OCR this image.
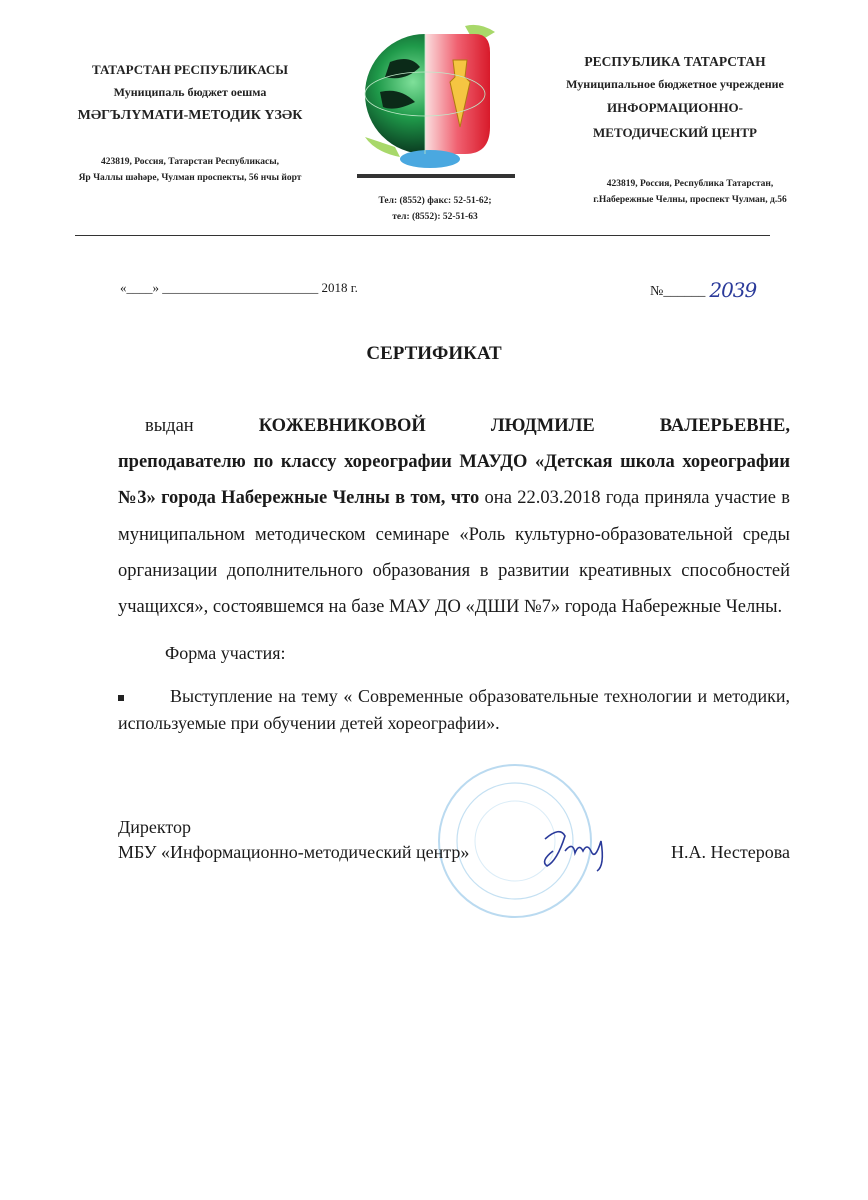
ТАТАРСТАН РЕСПУБЛИКАСЫ
Муниципаль бюджет оешма
МӘГЪЛҮМАТИ-МЕТОДИК ҮЗӘК
423819, Россия, Татарстан Республикасы,
Яр Чаллы шәһәре, Чулман проспекты, 56 нчы йорт
Тел: (8552) факс: 52-51-62;
тел: (8552): 52-51-63
РЕСПУБЛИКА ТАТАРСТАН
Муниципальное бюджетное учреждение
ИНФОРМАЦИОННО-
МЕТОДИЧЕСКИЙ ЦЕНТР
423819, Россия, Республика Татарстан,
г.Набережные Челны, проспект Чулман, д.56
«____» ________________________ 2018 г.	№______ 2039
СЕРТИФИКАТ
выдан	КОЖЕВНИКОВОЙ	ЛЮДМИЛЕ	ВАЛЕРЬЕВНЕ,
преподавателю по классу хореографии МАУДО «Детская школа хореографии №3» города Набережные Челны в том, что она 22.03.2018 года приняла участие в муниципальном методическом семинаре «Роль культурно-образовательной среды организации дополнительного образования в развитии креативных способностей учащихся», состоявшемся на базе МАУ ДО «ДШИ №7» города Набережные Челны.
Форма участия:
Выступление на тему « Современные образовательные технологии и методики, используемые при обучении детей хореографии».
Директор
МБУ «Информационно-методический центр»	Н.А. Нестерова
